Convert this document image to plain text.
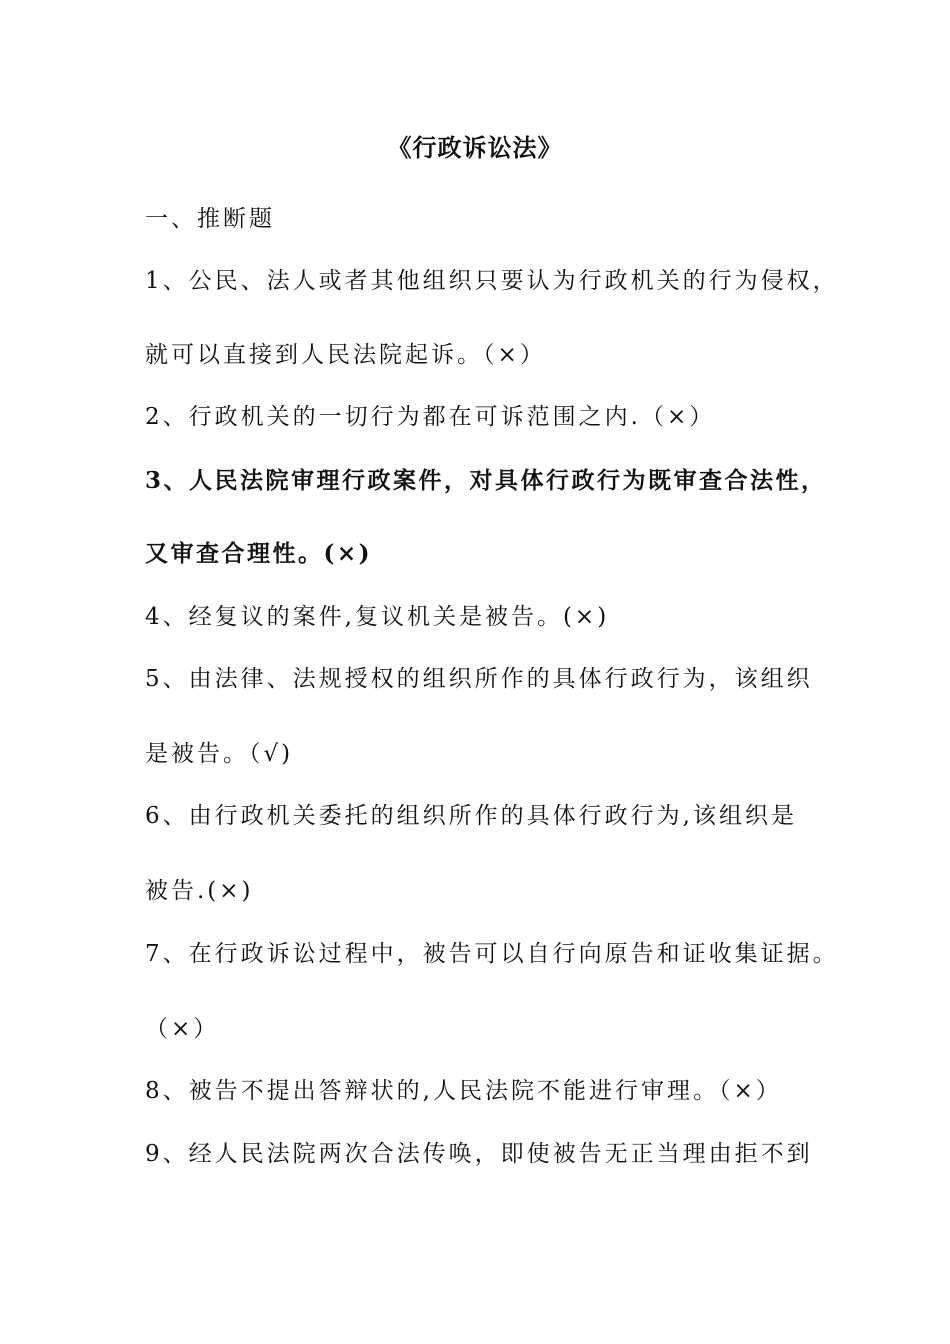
《行政诉讼法》
一、推断题
1、公民、法人或者其他组织只要认为行政机关的行为侵权，
就可以直接到人民法院起诉。（×）
2、行政机关的一切行为都在可诉范围之内.（×）
3、人民法院审理行政案件，对具体行政行为既审查合法性，
又审查合理性。(×)
4、经复议的案件,复议机关是被告。(×)
5、由法律、法规授权的组织所作的具体行政行为，该组织
是被告。（√)
6、由行政机关委托的组织所作的具体行政行为,该组织是
被告.(×)
7、在行政诉讼过程中，被告可以自行向原告和证收集证据。
（×）
8、被告不提出答辩状的,人民法院不能进行审理。（×）
9、经人民法院两次合法传唤，即使被告无正当理由拒不到
